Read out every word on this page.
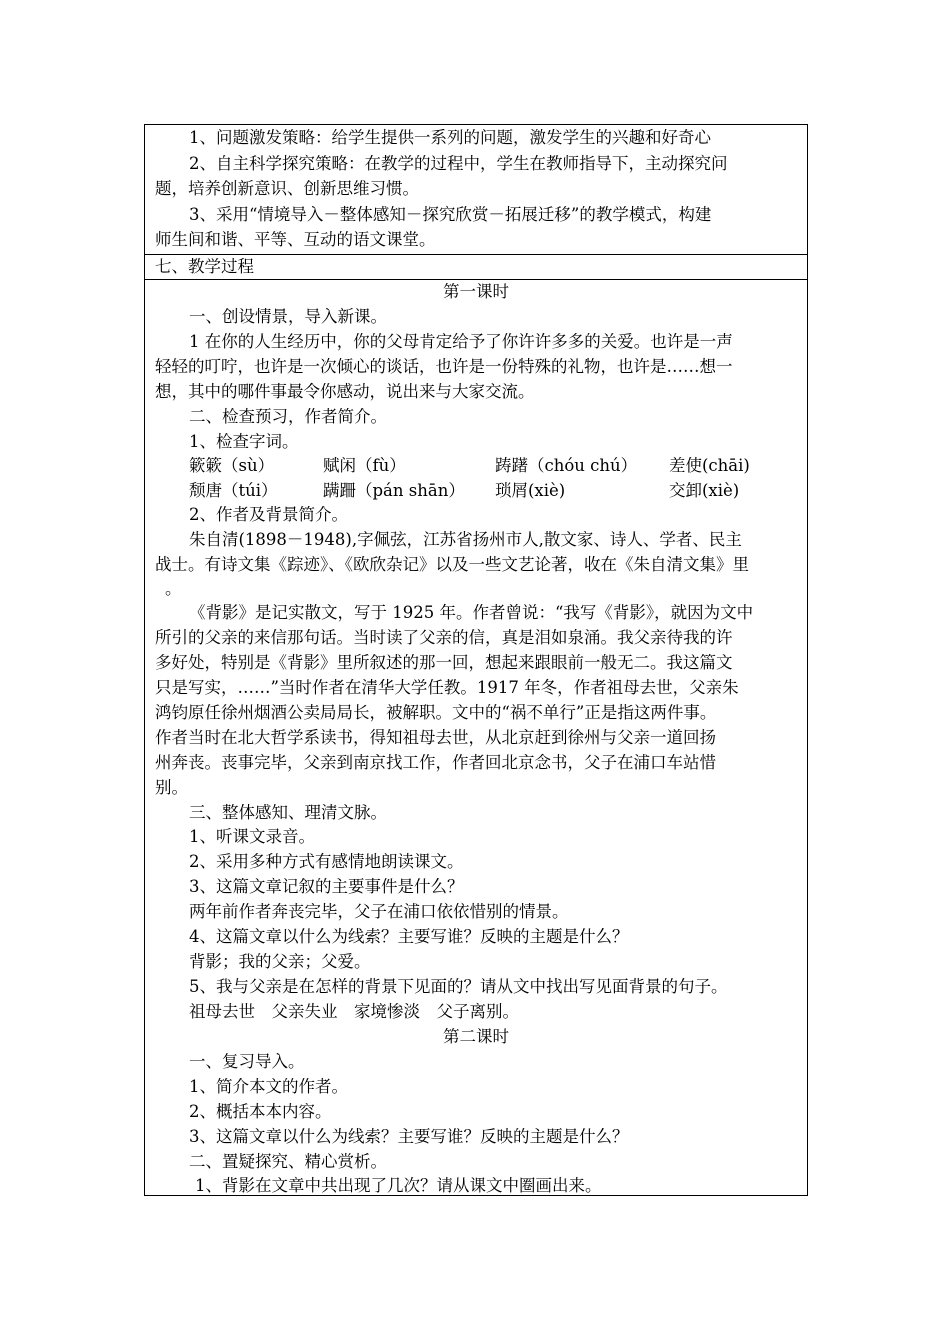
1、问题激发策略：给学生提供一系列的问题，激发学生的兴趣和好奇心
2、自主科学探究策略：在教学的过程中，学生在教师指导下，主动探究问
题，培养创新意识、创新思维习惯。
3、采用“情境导入－整体感知－探究欣赏－拓展迁移”的教学模式，构建
师生间和谐、平等、互动的语文课堂。
七、教学过程
第一课时
一、创设情景，导入新课。
1 在你的人生经历中，你的父母肯定给予了你许许多多的关爱。也许是一声
轻轻的叮咛，也许是一次倾心的谈话，也许是一份特殊的礼物，也许是……想一
想，其中的哪件事最令你感动，说出来与大家交流。
二、检查预习，作者简介。
1、检查字词。
簌簌（sù）	赋闲（fù）	踌躇（chóu chú） 差使(chāi)
颓唐（túi）	蹒跚（pán shān） 琐屑(xiè)	交卸(xiè)
2、作者及背景简介。
朱自清(1898－1948),字佩弦，江苏省扬州市人,散文家、诗人、学者、民主
战士。有诗文集《踪迹》、《欧欣杂记》以及一些文艺论著，收在《朱自清文集》里
。
《背影》是记实散文，写于 1925 年。作者曾说：“我写《背影》，就因为文中
所引的父亲的来信那句话。当时读了父亲的信，真是泪如泉涌。我父亲待我的许
多好处，特别是《背影》里所叙述的那一回，想起来跟眼前一般无二。我这篇文
只是写实，……”当时作者在清华大学任教。1917 年冬，作者祖母去世，父亲朱
鸿钧原任徐州烟酒公卖局局长，被解职。文中的“祸不单行”正是指这两件事。
作者当时在北大哲学系读书，得知祖母去世，从北京赶到徐州与父亲一道回扬
州奔丧。丧事完毕，父亲到南京找工作，作者回北京念书，父子在浦口车站惜
别。
三、整体感知、理清文脉。
1、听课文录音。
2、采用多种方式有感情地朗读课文。
3、这篇文章记叙的主要事件是什么？
两年前作者奔丧完毕，父子在浦口依依惜别的情景。
4、这篇文章以什么为线索？主要写谁？反映的主题是什么？
背影；我的父亲；父爱。
5、我与父亲是在怎样的背景下见面的？请从文中找出写见面背景的句子。
祖母去世　父亲失业　家境惨淡　父子离别。
第二课时
一、复习导入。
1、简介本文的作者。
2、概括本本内容。
3、这篇文章以什么为线索？主要写谁？反映的主题是什么？
二、置疑探究、精心赏析。
1、背影在文章中共出现了几次？请从课文中圈画出来。
